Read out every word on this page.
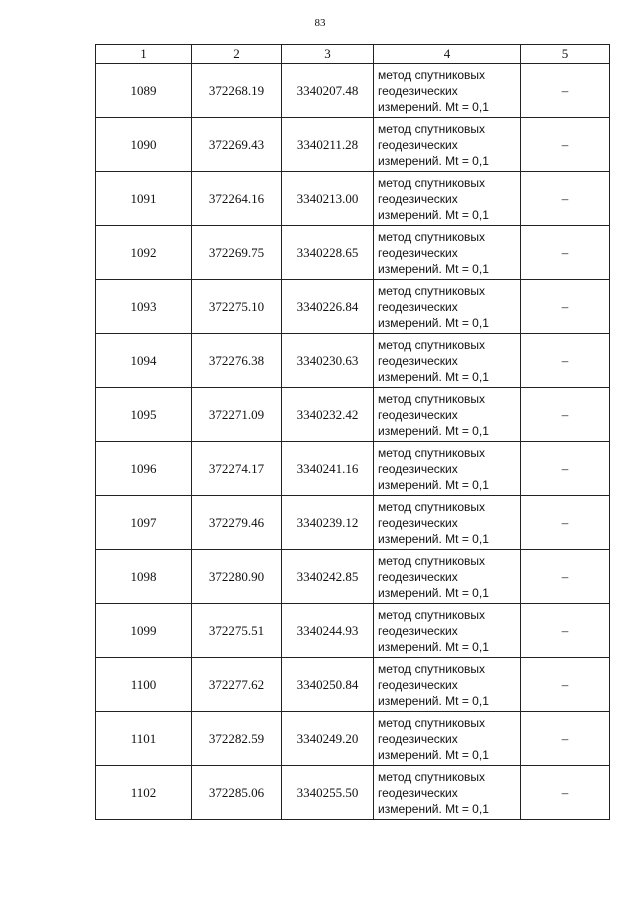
83
1	2	3	4	5
1089	372268.19	3340207.48	метод спутниковых
геодезических
измерений. Mt = 0,1	–
1090	372269.43	3340211.28	метод спутниковых
геодезических
измерений. Mt = 0,1	–
1091	372264.16	3340213.00	метод спутниковых
геодезических
измерений. Mt = 0,1	–
1092	372269.75	3340228.65	метод спутниковых
геодезических
измерений. Mt = 0,1	–
1093	372275.10	3340226.84	метод спутниковых
геодезических
измерений. Mt = 0,1	–
1094	372276.38	3340230.63	метод спутниковых
геодезических
измерений. Mt = 0,1	–
1095	372271.09	3340232.42	метод спутниковых
геодезических
измерений. Mt = 0,1	–
1096	372274.17	3340241.16	метод спутниковых
геодезических
измерений. Mt = 0,1	–
1097	372279.46	3340239.12	метод спутниковых
геодезических
измерений. Mt = 0,1	–
1098	372280.90	3340242.85	метод спутниковых
геодезических
измерений. Mt = 0,1	–
1099	372275.51	3340244.93	метод спутниковых
геодезических
измерений. Mt = 0,1	–
1100	372277.62	3340250.84	метод спутниковых
геодезических
измерений. Mt = 0,1	–
1101	372282.59	3340249.20	метод спутниковых
геодезических
измерений. Mt = 0,1	–
1102	372285.06	3340255.50	метод спутниковых
геодезических
измерений. Mt = 0,1	–
